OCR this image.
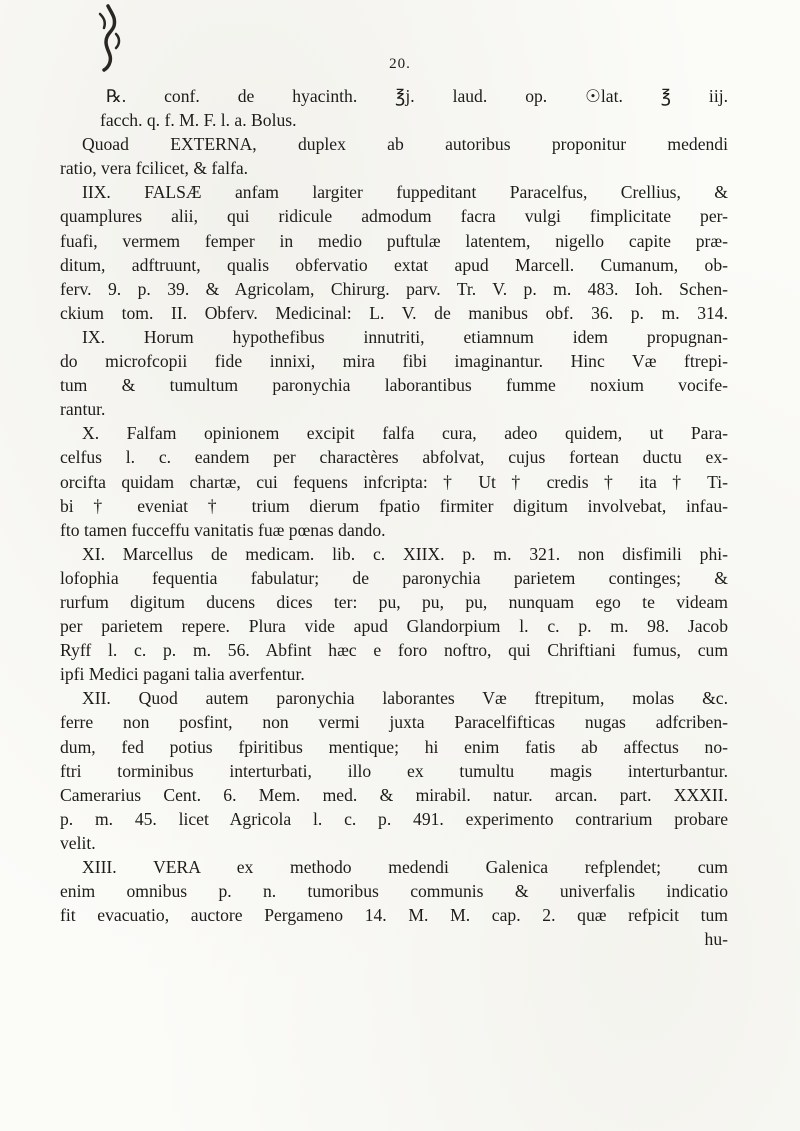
20.
℞. conf. de hyacinth. ℥j. laud. op. ☉lat. ℥ iij.
facch. q. f. M. F. l. a. Bolus.
Quoad EXTERNA, duplex ab autoribus proponitur medendi
ratio, vera fcilicet, & falfa.
IIX. FALSÆ anfam largiter fuppeditant Paracelfus, Crellius, &
quamplures alii, qui ridicule admodum facra vulgi fimplicitate per-
fuafi, vermem femper in medio puftulæ latentem, nigello capite præ-
ditum, adftruunt, qualis obfervatio extat apud Marcell. Cumanum, ob-
ferv. 9. p. 39. & Agricolam, Chirurg. parv. Tr. V. p. m. 483. Ioh. Schen-
ckium tom. II. Obferv. Medicinal: L. V. de manibus obf. 36. p. m. 314.
IX. Horum hypothefibus innutriti, etiamnum idem propugnan-
do microfcopii fide innixi, mira fibi imaginantur. Hinc Væ ftrepi-
tum & tumultum paronychia laborantibus fumme noxium vocife-
rantur.
X. Falfam opinionem excipit falfa cura, adeo quidem, ut Para-
celfus l. c. eandem per charactères abfolvat, cujus fortean ductu ex-
orcifta quidam chartæ, cui fequens infcripta: † Ut † credis † ita † Ti-
bi † eveniat † trium dierum fpatio firmiter digitum involvebat, infau-
fto tamen fucceffu vanitatis fuæ pœnas dando.
XI. Marcellus de medicam. lib. c. XIIX. p. m. 321. non disfimili phi-
lofophia fequentia fabulatur; de paronychia parietem continges; &
rurfum digitum ducens dices ter: pu, pu, pu, nunquam ego te videam
per parietem repere. Plura vide apud Glandorpium l. c. p. m. 98. Jacob
Ryff l. c. p. m. 56. Abfint hæc e foro noftro, qui Chriftiani fumus, cum
ipfi Medici pagani talia averfentur.
XII. Quod autem paronychia laborantes Væ ftrepitum, molas &c.
ferre non posfint, non vermi juxta Paracelfifticas nugas adfcriben-
dum, fed potius fpiritibus mentique; hi enim fatis ab affectus no-
ftri torminibus interturbati, illo ex tumultu magis interturbantur.
Camerarius Cent. 6. Mem. med. & mirabil. natur. arcan. part. XXXII.
p. m. 45. licet Agricola l. c. p. 491. experimento contrarium probare
velit.
XIII. VERA ex methodo medendi Galenica refplendet; cum
enim omnibus p. n. tumoribus communis & univerfalis indicatio
fit evacuatio, auctore Pergameno 14. M. M. cap. 2. quæ refpicit tum
hu-
